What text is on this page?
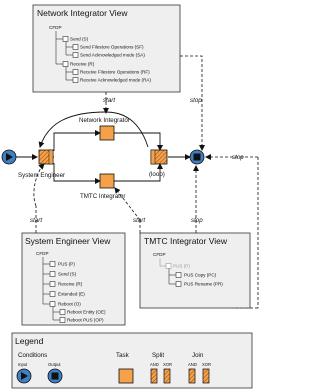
Network Integrator View
CFDP
Send (S)
Send Filestore Operations (SF)
Send Acknowledged mode (SA)
Receive (R)
Receive Filestore Operations (RF)
Receive Acknowledged mode (RA)
start	stop
System Engineer
Network Integrator
TMTC Integrator
(loop)
stop
start	start	stop
System Engineer View
CFDP
PUS (P)
Send (S)
Receive (R)
Extended (E)
Reboot (O)
Reboot Entity (OE)
Reboot PUS (OP)
TMTC Integrator View
CFDP
PUS (P)
PUS Copy (PC)
PUS Rename (PR)
Legend
Conditions
Input	Output
Task	Split
AND XOR
Join
AND XOR
